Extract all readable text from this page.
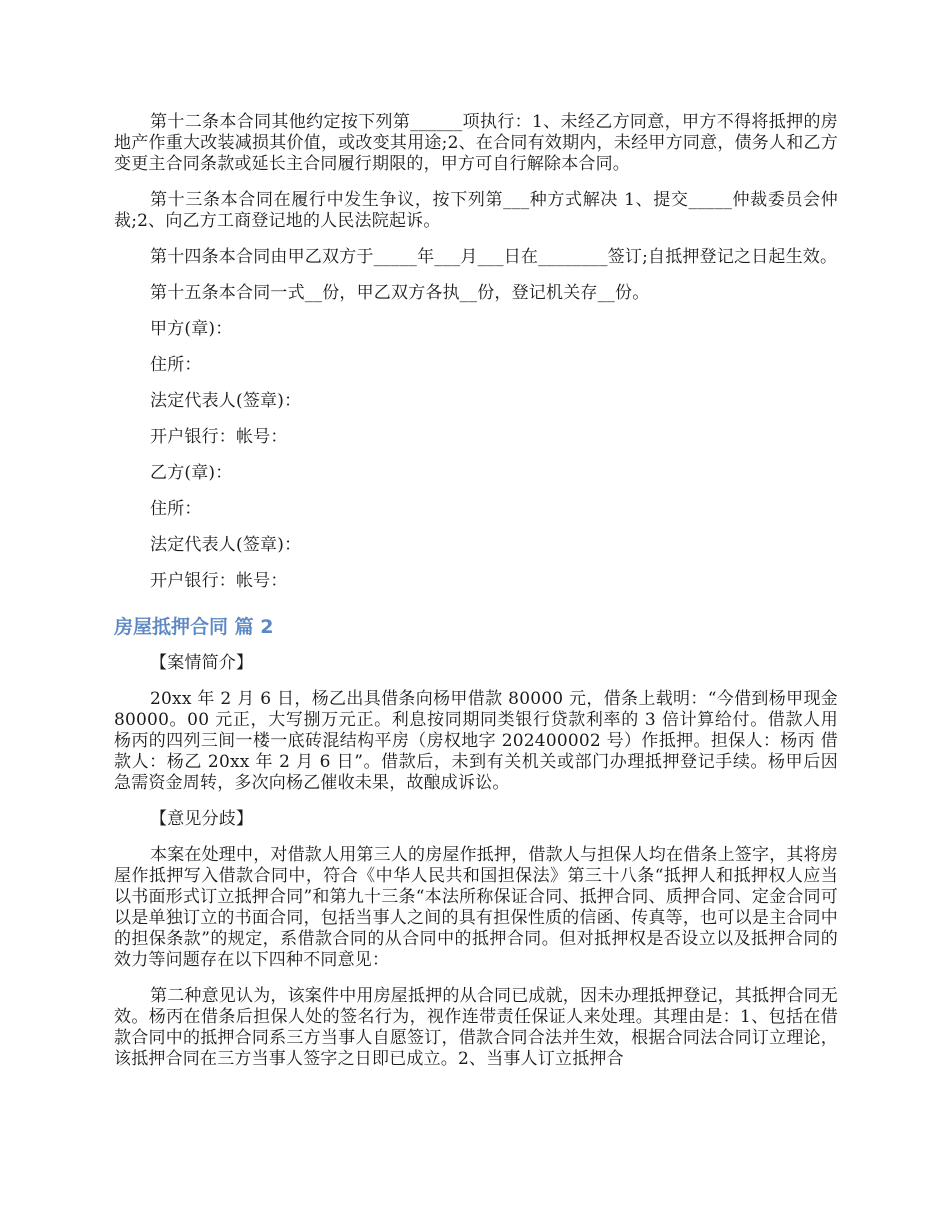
第十二条本合同其他约定按下列第______项执行：1、未经乙方同意，甲方不得将抵押的房地产作重大改装减损其价值，或改变其用途;2、在合同有效期内，未经甲方同意，债务人和乙方变更主合同条款或延长主合同履行期限的，甲方可自行解除本合同。

第十三条本合同在履行中发生争议，按下列第___种方式解决 1、提交_____仲裁委员会仲裁;2、向乙方工商登记地的人民法院起诉。

第十四条本合同由甲乙双方于_____年___月___日在________签订;自抵押登记之日起生效。

第十五条本合同一式__份，甲乙双方各执__份，登记机关存__份。

甲方(章)：

住所：

法定代表人(签章)：

开户银行：帐号：

乙方(章)：

住所：

法定代表人(签章)：

开户银行：帐号：

房屋抵押合同 篇 2

【案情简介】

20xx 年 2 月 6 日，杨乙出具借条向杨甲借款 80000 元，借条上载明：“今借到杨甲现金 80000。00 元正，大写捌万元正。利息按同期同类银行贷款利率的 3 倍计算给付。借款人用杨丙的四列三间一楼一底砖混结构平房（房权地字 202400002 号）作抵押。担保人：杨丙 借款人：杨乙 20xx 年 2 月 6 日”。借款后，未到有关机关或部门办理抵押登记手续。杨甲后因急需资金周转，多次向杨乙催收未果，故酿成诉讼。

【意见分歧】

本案在处理中，对借款人用第三人的房屋作抵押，借款人与担保人均在借条上签字，其将房屋作抵押写入借款合同中，符合《中华人民共和国担保法》第三十八条“抵押人和抵押权人应当以书面形式订立抵押合同”和第九十三条“本法所称保证合同、抵押合同、质押合同、定金合同可以是单独订立的书面合同，包括当事人之间的具有担保性质的信函、传真等，也可以是主合同中的担保条款”的规定，系借款合同的从合同中的抵押合同。但对抵押权是否设立以及抵押合同的效力等问题存在以下四种不同意见：

第二种意见认为，该案件中用房屋抵押的从合同已成就，因未办理抵押登记，其抵押合同无效。杨丙在借条后担保人处的签名行为，视作连带责任保证人来处理。其理由是：1、包括在借款合同中的抵押合同系三方当事人自愿签订，借款合同合法并生效，根据合同法合同订立理论，该抵押合同在三方当事人签字之日即已成立。2、当事人订立抵押合
